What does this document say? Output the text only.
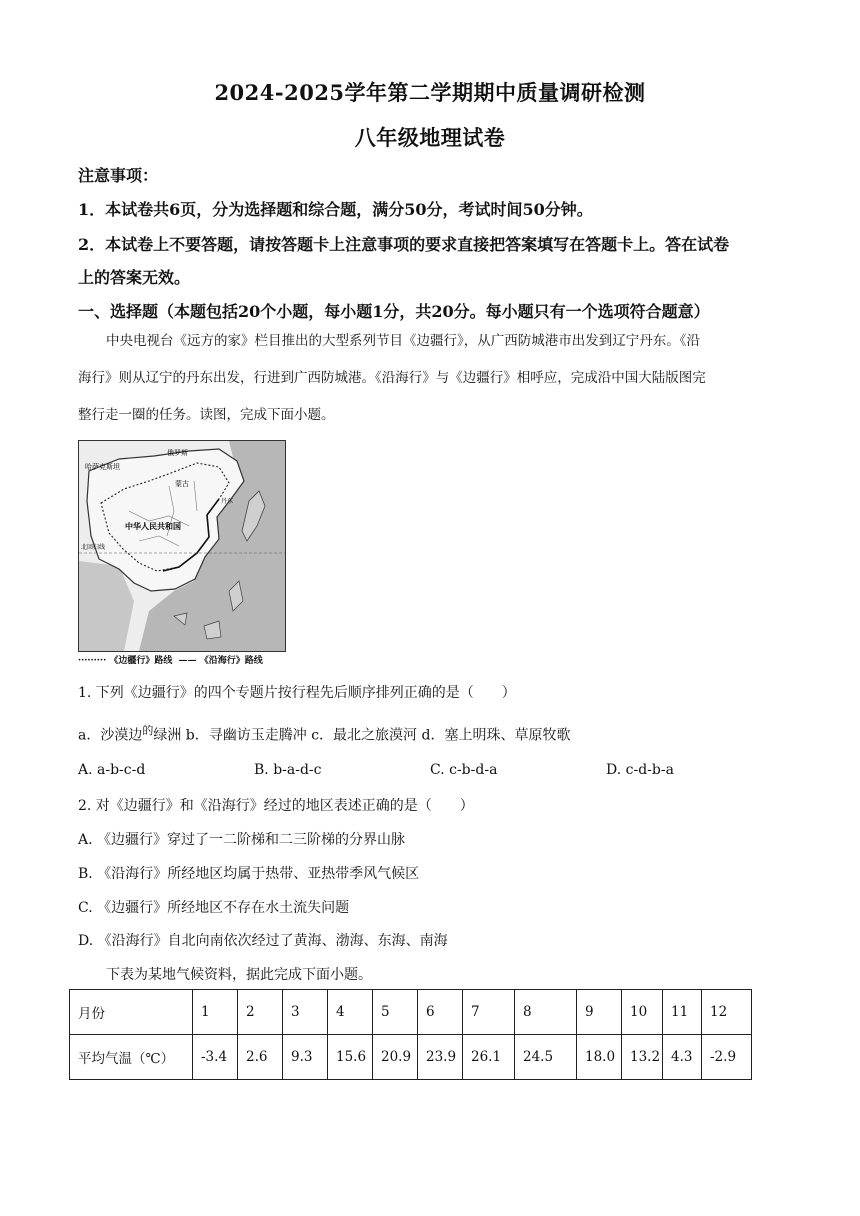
2024-2025学年第二学期期中质量调研检测
八年级地理试卷
注意事项：
1．本试卷共6页，分为选择题和综合题，满分50分，考试时间50分钟。
2．本试卷上不要答题，请按答题卡上注意事项的要求直接把答案填写在答题卡上。答在试卷
上的答案无效。
一、选择题（本题包括20个小题，每小题1分，共20分。每小题只有一个选项符合题意）
中央电视台《远方的家》栏目推出的大型系列节目《边疆行》，从广西防城港市出发到辽宁丹东。《沿
海行》则从辽宁的丹东出发，行进到广西防城港。《沿海行》与《边疆行》相呼应，完成沿中国大陆版图完
整行走一圈的任务。读图，完成下面小题。
哈萨克斯坦
俄罗斯
蒙古
中华人民共和国
丹东
北回归线
········· 《边疆行》路线  —— 《沿海行》路线
1. 下列《边疆行》的四个专题片按行程先后顺序排列正确的是（　　）
a．沙漠边$^的$绿洲 b．寻幽访玉走腾冲 c．最北之旅漠河 d．塞上明珠、草原牧歌
A. a-b-c-d	B. b-a-d-c	C. c-b-d-a	D. c-d-b-a
2. 对《边疆行》和《沿海行》经过的地区表述正确的是（　　）
A. 《边疆行》穿过了一二阶梯和二三阶梯的分界山脉
B. 《沿海行》所经地区均属于热带、亚热带季风气候区
C. 《边疆行》所经地区不存在水土流失问题
D. 《沿海行》自北向南依次经过了黄海、渤海、东海、南海
下表为某地气候资料，据此完成下面小题。
月份	1	2	3	4	5	6	7	8	9	10	11	12
平均气温（℃）	-3.4	2.6	9.3	15.6	20.9	23.9	26.1	24.5	18.0	13.2	4.3	-2.9
